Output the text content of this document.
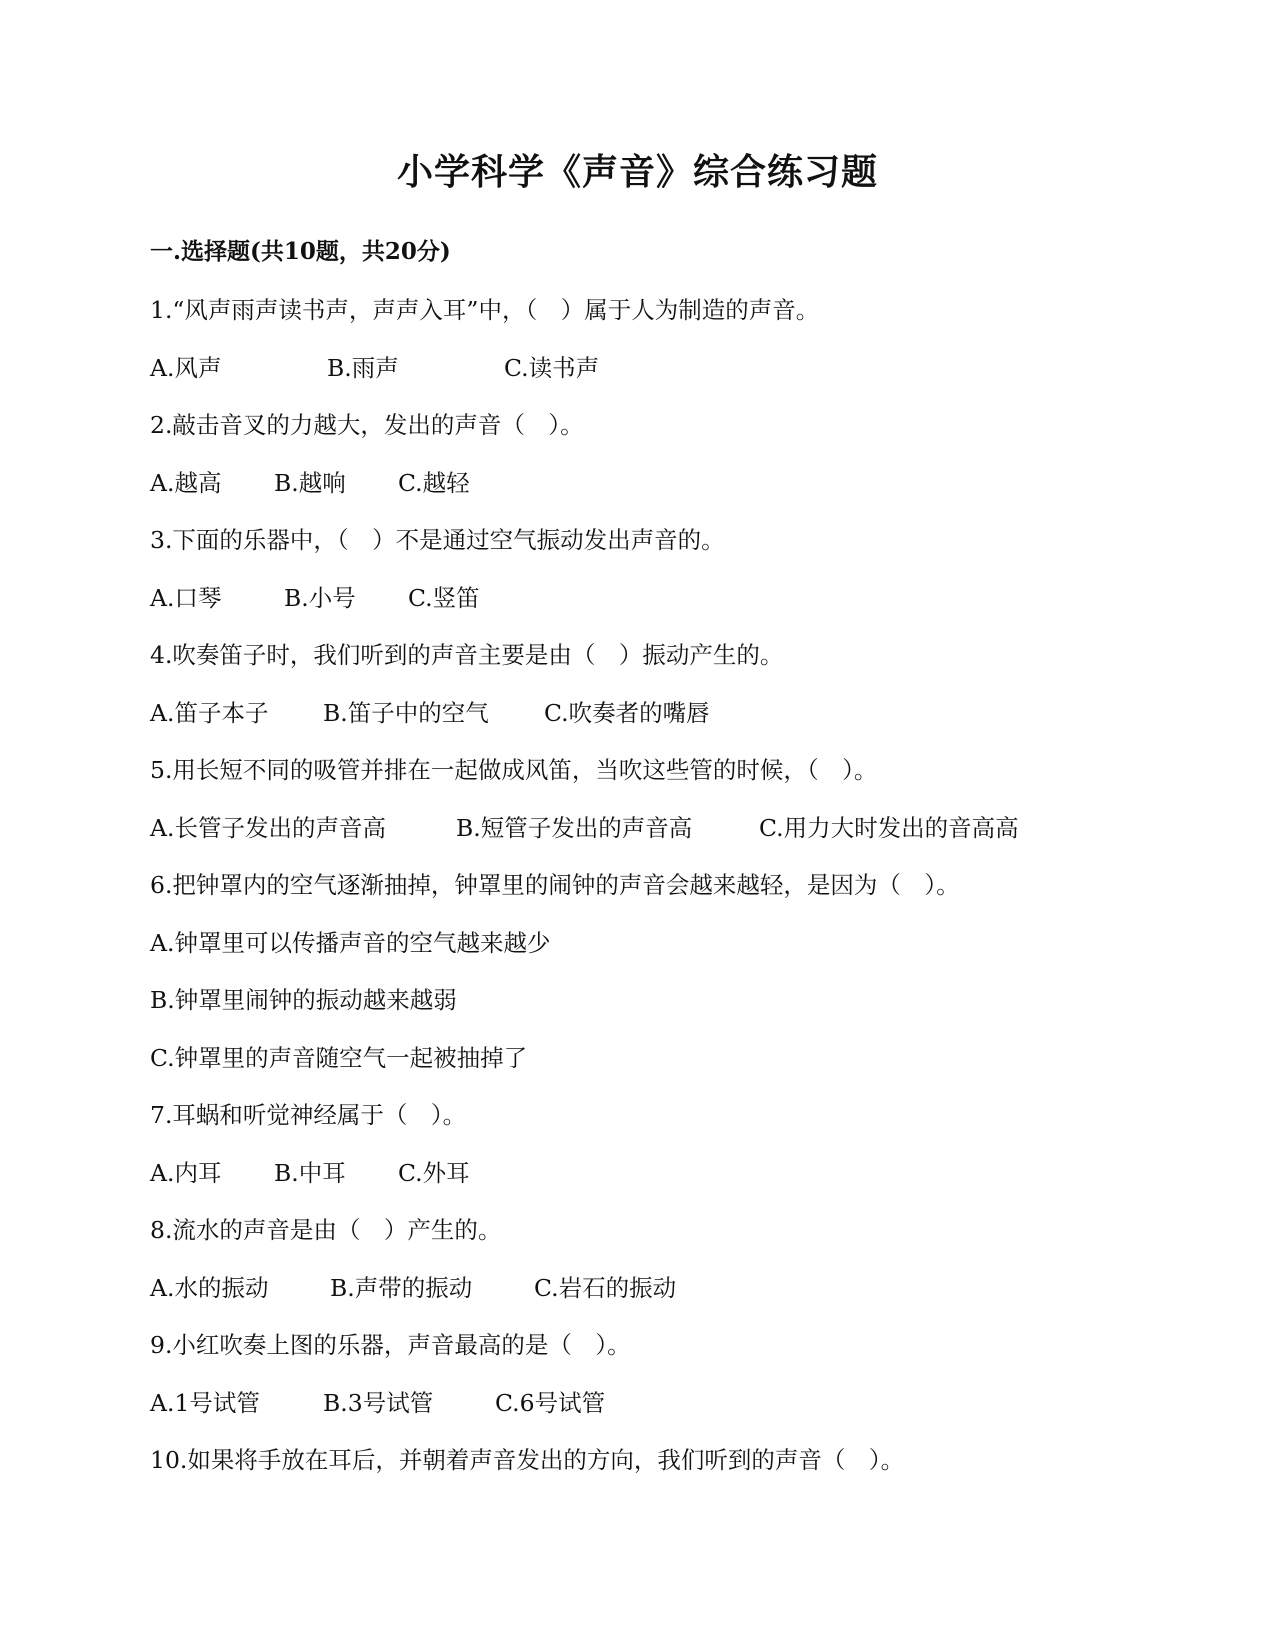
小学科学《声音》综合练习题
一.选择题(共10题，共20分)
1.“风声雨声读书声，声声入耳”中，（　）属于人为制造的声音。
A.风声	B.雨声	C.读书声
2.敲击音叉的力越大，发出的声音（　）。
A.越高	B.越响	C.越轻
3.下面的乐器中，（　）不是通过空气振动发出声音的。
A.口琴	B.小号	C.竖笛
4.吹奏笛子时，我们听到的声音主要是由（　）振动产生的。
A.笛子本子	B.笛子中的空气	C.吹奏者的嘴唇
5.用长短不同的吸管并排在一起做成风笛，当吹这些管的时候，（　）。
A.长管子发出的声音高	B.短管子发出的声音高	C.用力大时发出的音高高
6.把钟罩内的空气逐渐抽掉，钟罩里的闹钟的声音会越来越轻，是因为（　）。
A.钟罩里可以传播声音的空气越来越少
B.钟罩里闹钟的振动越来越弱
C.钟罩里的声音随空气一起被抽掉了
7.耳蜗和听觉神经属于（　）。
A.内耳	B.中耳	C.外耳
8.流水的声音是由（　）产生的。
A.水的振动	B.声带的振动	C.岩石的振动
9.小红吹奏上图的乐器，声音最高的是（　）。
A.1号试管	B.3号试管	C.6号试管
10.如果将手放在耳后，并朝着声音发出的方向，我们听到的声音（　）。
